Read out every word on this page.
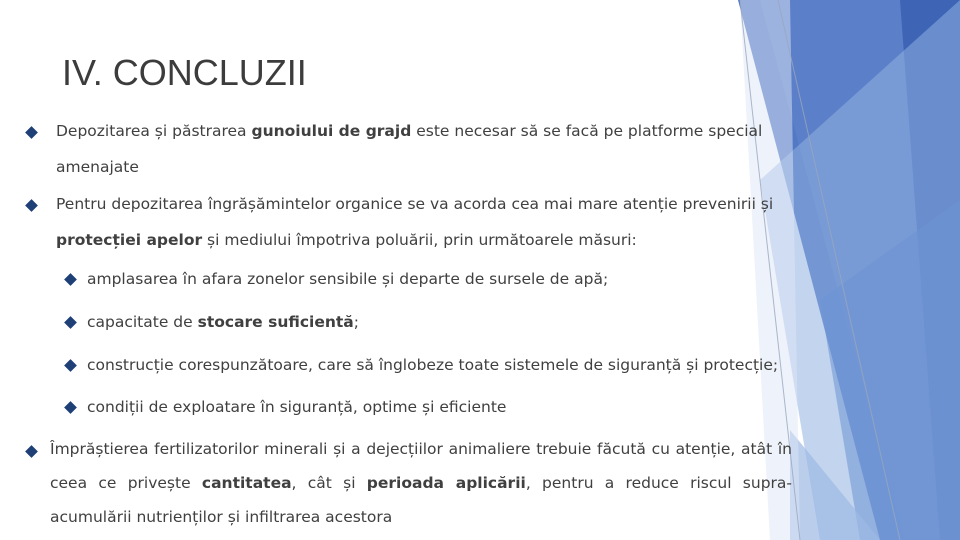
IV. CONCLUZII
Depozitarea și păstrarea gunoiului de grajd este necesar să se facă pe platforme special amenajate
Pentru depozitarea îngrășămintelor organice se va acorda cea mai mare atenție prevenirii și protecției apelor și mediului împotriva poluării, prin următoarele măsuri:
amplasarea în afara zonelor sensibile și departe de sursele de apă;
capacitate de stocare suficientă;
construcție corespunzătoare, care să înglobeze toate sistemele de siguranță și protecție;
condiții de exploatare în siguranță, optime și eficiente
Împrăștierea fertilizatorilor minerali și a dejecțiilor animaliere trebuie făcută cu atenție, atât în ceea ce privește cantitatea, cât și perioada aplicării, pentru a reduce riscul supra-acumulării nutrienților și infiltrarea acestora
